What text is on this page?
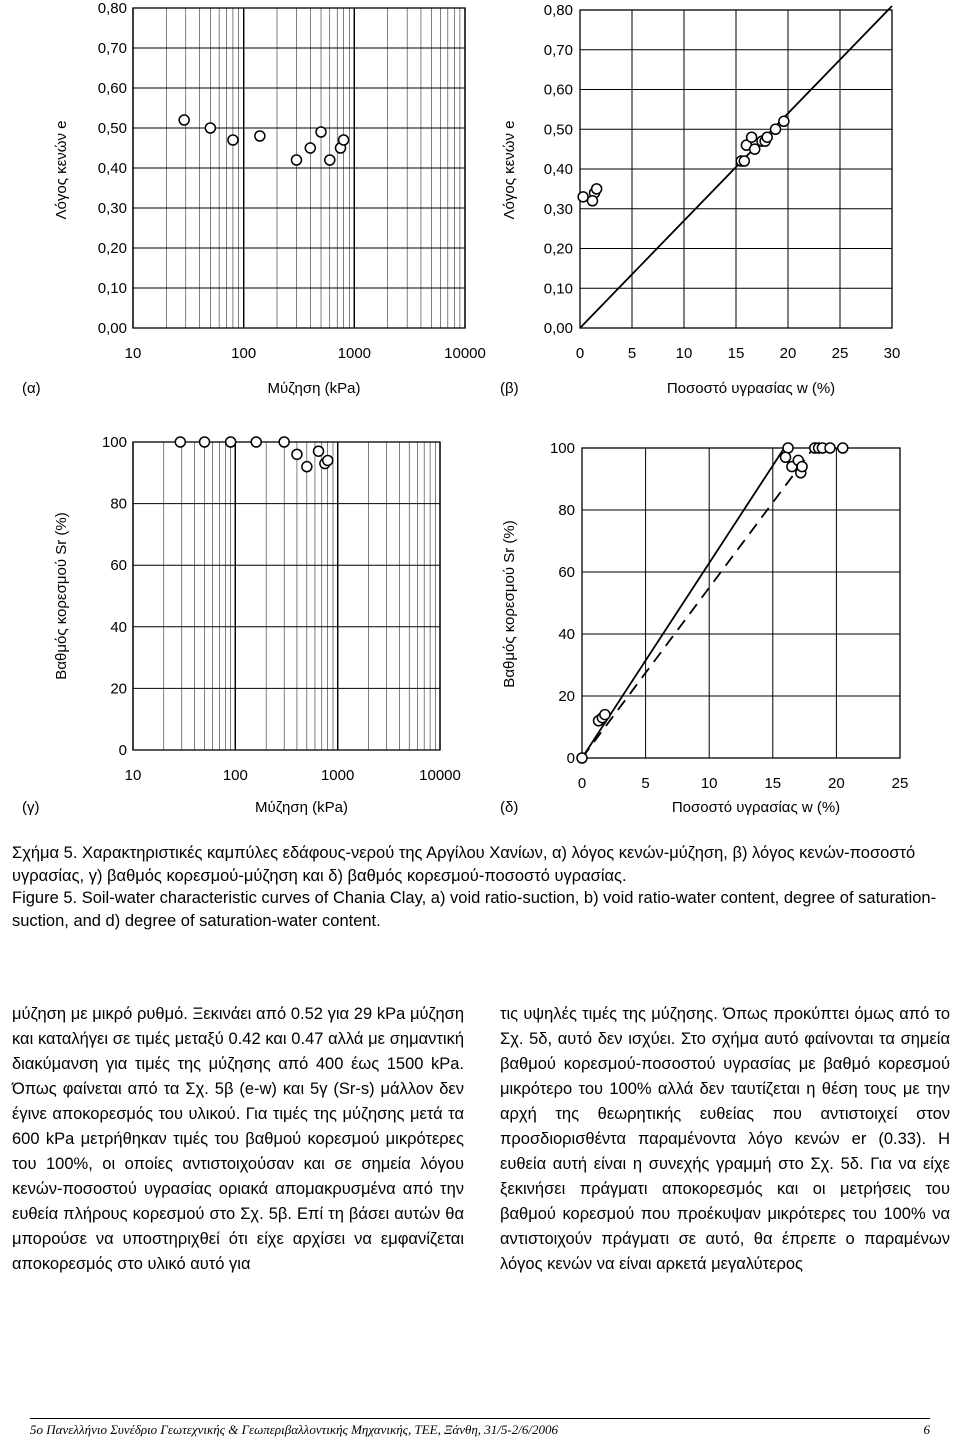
0,00
0,10
0,20
0,30
0,40
0,50
0,60
0,70
0,80
10	100	1000	10000
Μύζηση (kPa)
(α)
Λόγος κενών e
0,00
0,10
0,20
0,30
0,40
0,50
0,60
0,70
0,80
0	5	10 15 20 25 30
Ποσοστό υγρασίας w (%)
(β)
Λόγος κενών e
0
20
40
60
80
100
10	100	1000	10000
Μύζηση (kPa)
(γ)
Βαθμός κορεσμού Sr (%)
0
20
40
60
80
100
0	5	10	15	20	25
Ποσοστό υγρασίας w (%)
(δ)
Βαθμός κορεσμού Sr (%)

Σχήμα 5. Χαρακτηριστικές καμπύλες εδάφους-νερού της Αργίλου Χανίων, α) λόγος κενών-μύζηση, β) λόγος κενών-ποσοστό υγρασίας, γ) βαθμός κορεσμού-μύζηση και δ) βαθμός κορεσμού-ποσοστό υγρασίας.

Figure 5. Soil-water characteristic curves of Chania Clay, a) void ratio-suction, b) void ratio-water content, degree of saturation-suction, and d) degree of saturation-water content.

μύζηση με μικρό ρυθμό. Ξεκινάει από 0.52 για 29 kPa μύζηση και καταλήγει σε τιμές μεταξύ 0.42 και 0.47 αλλά με σημαντική διακύμανση για τιμές της μύζησης από 400 έως 1500 kPa. Όπως φαίνεται από τα Σχ. 5β (e-w) και 5γ (Sr-s) μάλλον δεν έγινε αποκορεσμός του υλικού. Για τιμές της μύζησης μετά τα 600 kPa μετρήθηκαν τιμές του βαθμού κορεσμού μικρότερες του 100%, οι οποίες αντιστοιχούσαν και σε σημεία λόγου κενών-ποσοστού υγρασίας οριακά απομακρυσμένα από την ευθεία πλήρους κορεσμού στο Σχ. 5β. Επί τη βάσει αυτών θα μπορούσε να υποστηριχθεί ότι είχε αρχίσει να εμφανίζεται αποκορεσμός στο υλικό αυτό για

τις υψηλές τιμές της μύζησης. Όπως προκύπτει όμως από το Σχ. 5δ, αυτό δεν ισχύει. Στο σχήμα αυτό φαίνονται τα σημεία βαθμού κορεσμού-ποσοστού υγρασίας με βαθμό κορεσμού μικρότερο του 100% αλλά δεν ταυτίζεται η θέση τους με την αρχή της θεωρητικής ευθείας που αντιστοιχεί στον προσδιορισθέντα παραμένοντα λόγο κενών er (0.33). Η ευθεία αυτή είναι η συνεχής γραμμή στο Σχ. 5δ. Για να είχε ξεκινήσει πράγματι αποκορεσμός και οι μετρήσεις του βαθμού κορεσμού που προέκυψαν μικρότερες του 100% να αντιστοιχούν πράγματι σε αυτό, θα έπρεπε ο παραμένων λόγος κενών να είναι αρκετά μεγαλύτερος

5o Πανελλήνιο Συνέδριο Γεωτεχνικής & Γεωπεριβαλλοντικής Μηχανικής, ΤΕΕ, Ξάνθη, 31/5-2/6/2006	6
